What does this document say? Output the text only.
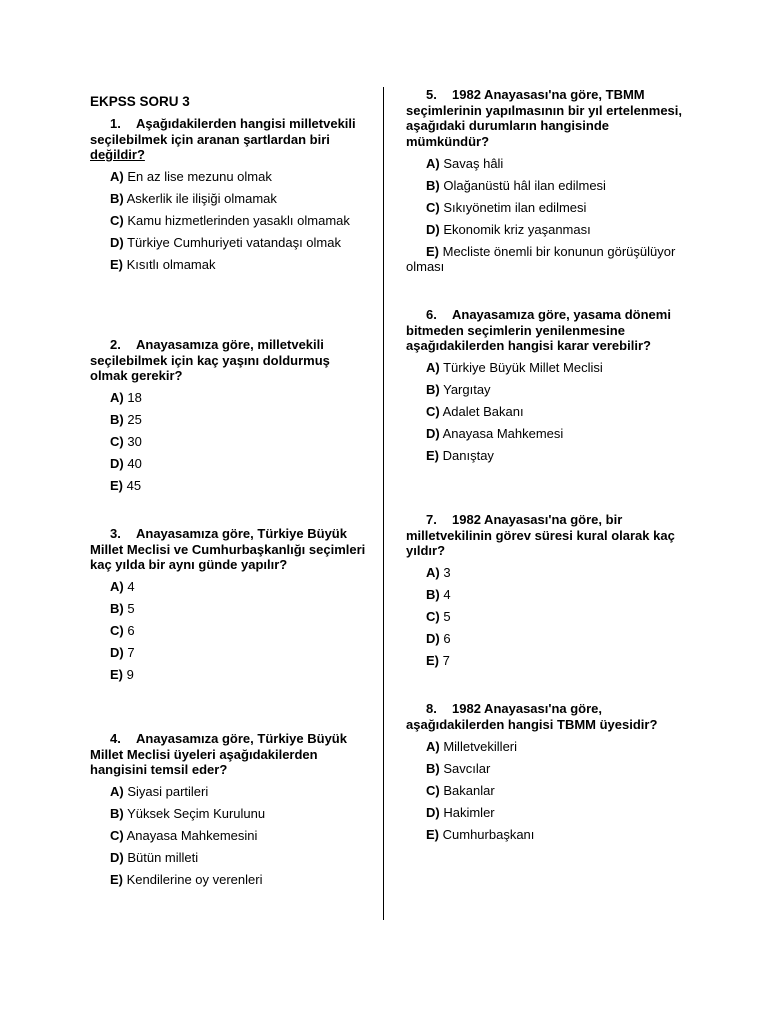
EKPSS SORU 3
1. Aşağıdakilerden hangisi milletvekili seçilebilmek için aranan şartlardan biri değildir?
A) En az lise mezunu olmak
B) Askerlik ile ilişiği olmamak
C) Kamu hizmetlerinden yasaklı olmamak
D) Türkiye Cumhuriyeti vatandaşı olmak
E) Kısıtlı olmamak
2. Anayasamıza göre, milletvekili seçilebilmek için kaç yaşını doldurmuş olmak gerekir?
A) 18
B) 25
C) 30
D) 40
E) 45
3. Anayasamıza göre, Türkiye Büyük Millet Meclisi ve Cumhurbaşkanlığı seçimleri kaç yılda bir aynı günde yapılır?
A) 4
B) 5
C) 6
D) 7
E) 9
4. Anayasamıza göre, Türkiye Büyük Millet Meclisi üyeleri aşağıdakilerden hangisini temsil eder?
A) Siyasi partileri
B) Yüksek Seçim Kurulunu
C) Anayasa Mahkemesini
D) Bütün milleti
E) Kendilerine oy verenleri
5. 1982 Anayasası'na göre, TBMM seçimlerinin yapılmasının bir yıl ertelenmesi, aşağıdaki durumların hangisinde mümkündür?
A) Savaş hâli
B) Olağanüstü hâl ilan edilmesi
C) Sıkıyönetim ilan edilmesi
D) Ekonomik kriz yaşanması
E) Mecliste önemli bir konunun görüşülüyor olması
6. Anayasamıza göre, yasama dönemi bitmeden seçimlerin yenilenmesine aşağıdakilerden hangisi karar verebilir?
A) Türkiye Büyük Millet Meclisi
B) Yargıtay
C) Adalet Bakanı
D) Anayasa Mahkemesi
E) Danıştay
7. 1982 Anayasası'na göre, bir milletvekilinin görev süresi kural olarak kaç yıldır?
A) 3
B) 4
C) 5
D) 6
E) 7
8. 1982 Anayasası'na göre, aşağıdakilerden hangisi TBMM üyesidir?
A) Milletvekilleri
B) Savcılar
C) Bakanlar
D) Hakimler
E) Cumhurbaşkanı
